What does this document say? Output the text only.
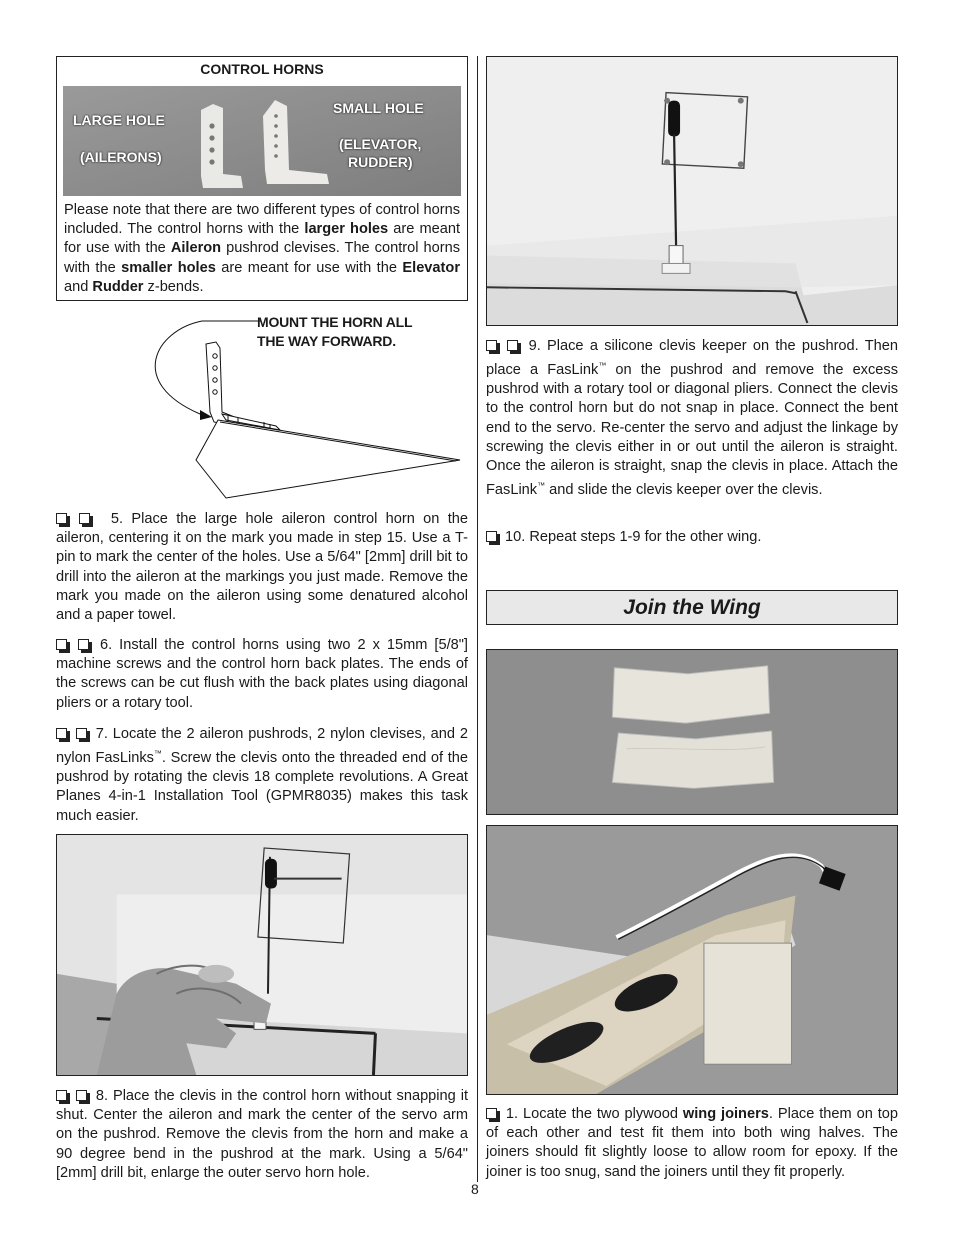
CONTROL HORNS
LARGE HOLE
(AILERONS)
SMALL HOLE
(ELEVATOR,
RUDDER)

Please note that there are two different types of control horns included. The control horns with the larger holes are meant for use with the Aileron pushrod clevises. The control horns with the smaller holes are meant for use with the Elevator and Rudder z-bends.

MOUNT THE HORN ALL
THE WAY FORWARD.

5. Place the large hole aileron control horn on the aileron, centering it on the mark you made in step 15. Use a T-pin to mark the center of the holes. Use a 5/64" [2mm] drill bit to drill into the aileron at the markings you just made. Remove the mark you made on the aileron using some denatured alcohol and a paper towel.

6. Install the control horns using two 2 x 15mm [5/8"] machine screws and the control horn back plates. The ends of the screws can be cut flush with the back plates using diagonal pliers or a rotary tool.

7. Locate the 2 aileron pushrods, 2 nylon clevises, and 2 nylon FasLinks™. Screw the clevis onto the threaded end of the pushrod by rotating the clevis 18 complete revolutions. A Great Planes 4-in-1 Installation Tool (GPMR8035) makes this task much easier.

8. Place the clevis in the control horn without snapping it shut. Center the aileron and mark the center of the servo arm on the pushrod. Remove the clevis from the horn and make a 90 degree bend in the pushrod at the mark. Using a 5/64" [2mm] drill bit, enlarge the outer servo horn hole.

9. Place a silicone clevis keeper on the pushrod. Then place a FasLink™ on the pushrod and remove the excess pushrod with a rotary tool or diagonal pliers. Connect the clevis to the control horn but do not snap in place. Connect the bent end to the servo. Re-center the servo and adjust the linkage by screwing the clevis either in or out until the aileron is straight. Once the aileron is straight, snap the clevis in place. Attach the FasLink™ and slide the clevis keeper over the clevis.

10. Repeat steps 1-9 for the other wing.

Join the Wing

1. Locate the two plywood wing joiners. Place them on top of each other and test fit them into both wing halves. The joiners should fit slightly loose to allow room for epoxy. If the joiner is too snug, sand the joiners until they fit properly.

8
